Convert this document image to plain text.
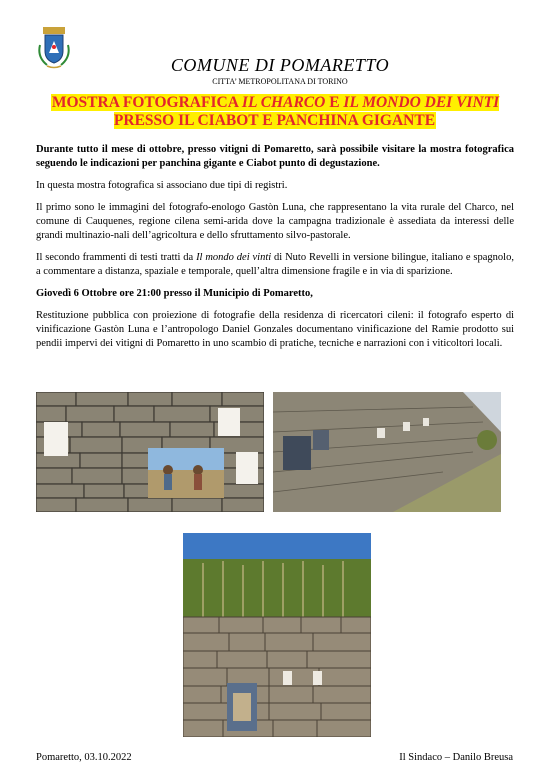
COMUNE DI POMARETTO
CITTA’ METROPOLITANA DI TORINO
MOSTRA FOTOGRAFICA IL CHARCO E IL MONDO DEI VINTI PRESSO IL CIABOT E PANCHINA GIGANTE

Durante tutto il mese di ottobre, presso vitigni di Pomaretto, sarà possibile visitare la mostra fotografica seguendo le indicazioni per panchina gigante e Ciabot punto di degustazione.

In questa mostra fotografica si associano due tipi di registri.

Il primo sono le immagini del fotografo-enologo Gastòn Luna, che rappresentano la vita rurale del Charco, nel comune di Cauquenes, regione cilena semi-arida dove la campagna tradizionale è assediata da interessi delle grandi multinazio-nali dell’agricoltura e dello sfruttamento silvo-pastorale.

Il secondo frammenti di testi tratti da Il mondo dei vinti di Nuto Revelli in versione bilingue, italiano e spagnolo, a commentare a distanza, spaziale e temporale, quell’altra dimensione fragile e in via di sparizione.

Giovedì 6 Ottobre ore 21:00 presso il Municipio di Pomaretto,

Restituzione pubblica con proiezione di fotografie della residenza di ricercatori cileni: il fotografo esperto di vinificazione Gastòn Luna e l’antropologo Daniel Gonzales documentano vinificazione del Ramie prodotto sui pendii impervi dei vitigni di Pomaretto in uno scambio di pratiche, tecniche e narrazioni con i viticoltori locali.

Pomaretto, 03.10.2022	Il Sindaco – Danilo Breusa
